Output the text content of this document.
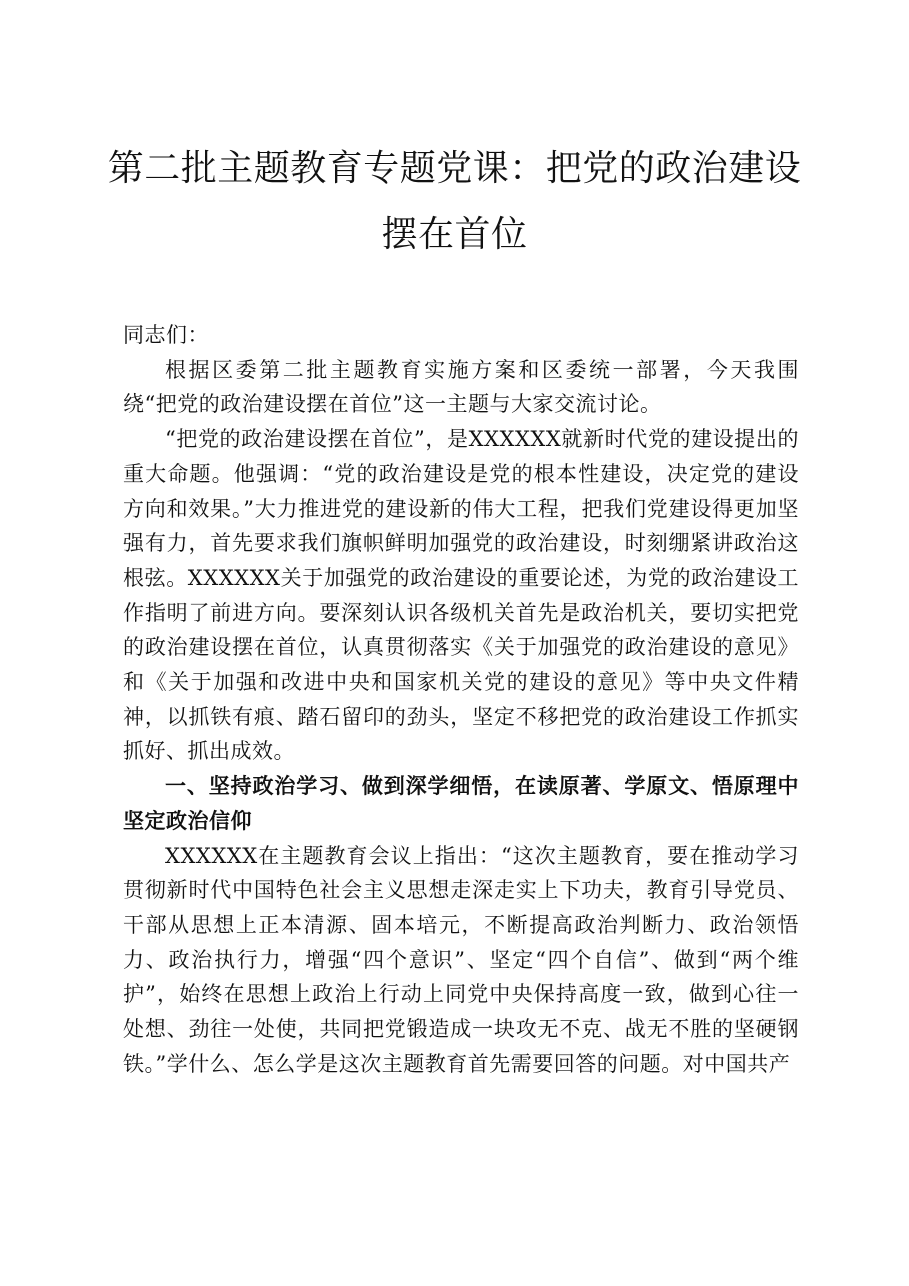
第二批主题教育专题党课：把党的政治建设摆在首位

同志们：

根据区委第二批主题教育实施方案和区委统一部署，今天我围绕“把党的政治建设摆在首位”这一主题与大家交流讨论。

“把党的政治建设摆在首位”，是XXXXXX就新时代党的建设提出的重大命题。他强调：“党的政治建设是党的根本性建设，决定党的建设方向和效果。”大力推进党的建设新的伟大工程，把我们党建设得更加坚强有力，首先要求我们旗帜鲜明加强党的政治建设，时刻绷紧讲政治这根弦。XXXXXX关于加强党的政治建设的重要论述，为党的政治建设工作指明了前进方向。要深刻认识各级机关首先是政治机关，要切实把党的政治建设摆在首位，认真贯彻落实《关于加强党的政治建设的意见》和《关于加强和改进中央和国家机关党的建设的意见》等中央文件精神，以抓铁有痕、踏石留印的劲头，坚定不移把党的政治建设工作抓实抓好、抓出成效。

一、坚持政治学习、做到深学细悟，在读原著、学原文、悟原理中坚定政治信仰

XXXXXX在主题教育会议上指出：“这次主题教育，要在推动学习贯彻新时代中国特色社会主义思想走深走实上下功夫，教育引导党员、干部从思想上正本清源、固本培元，不断提高政治判断力、政治领悟力、政治执行力，增强“四个意识”、坚定“四个自信”、做到“两个维护”，始终在思想上政治上行动上同党中央保持高度一致，做到心往一处想、劲往一处使，共同把党锻造成一块攻无不克、战无不胜的坚硬钢铁。”学什么、怎么学是这次主题教育首先需要回答的问题。对中国共产
